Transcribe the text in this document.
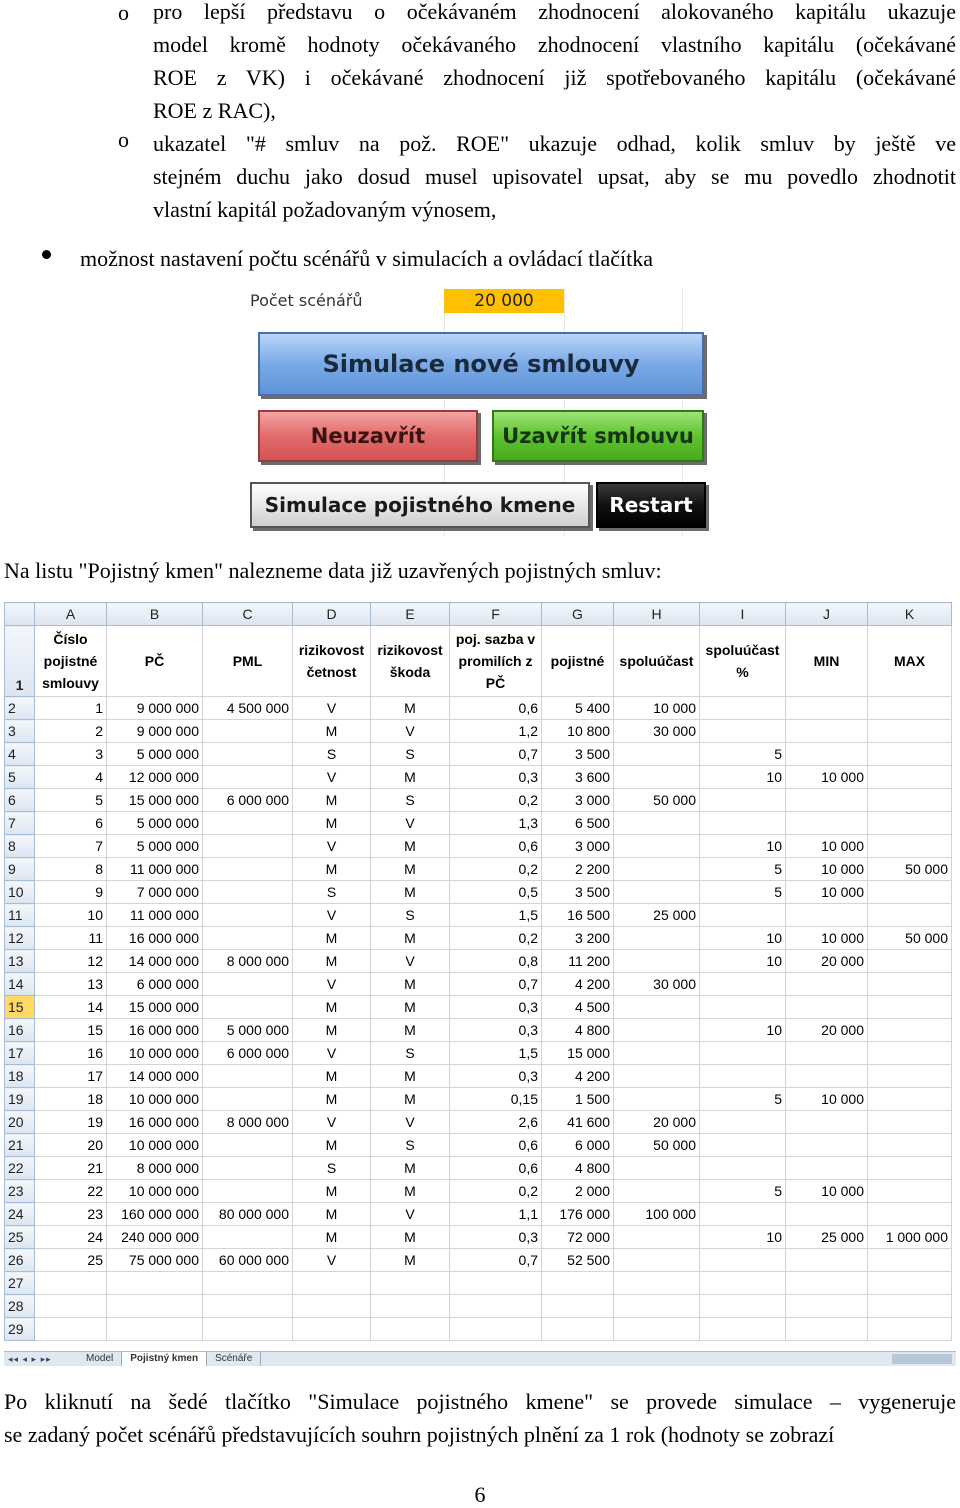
o pro lepší představu o očekávaném zhodnocení alokovaného kapitálu ukazuje
model kromě hodnoty očekávaného zhodnocení vlastního kapitálu (očekávané
ROE z VK) i očekávané zhodnocení již spotřebovaného kapitálu (očekávané
ROE z RAC),
o ukazatel "# smluv na pož. ROE" ukazuje odhad, kolik smluv by ještě ve
stejném duchu jako dosud musel upisovatel upsat, aby se mu povedlo zhodnotit
vlastní kapitál požadovaným výnosem,
možnost nastavení počtu scénářů v simulacích a ovládací tlačítka
Počet scénářů	20 000
Simulace nové smlouvy
Neuzavřít	Uzavřít smlouvu
Simulace pojistného kmene	Restart
Na listu "Pojistný kmen" nalezneme data již uzavřených pojistných smluv:
	A	B	C	D	E	F	G	H	I	J	K
1	Číslo pojistné smlouvy	PČ	PML	rizikovost četnost	rizikovost škoda	poj. sazba v promilích z PČ	pojistné	spoluúčast	spoluúčast %	MIN	MAX
2	1	9 000 000	4 500 000	V	M	0,6	5 400	10 000			
3	2	9 000 000		M	V	1,2	10 800	30 000			
4	3	5 000 000		S	S	0,7	3 500		5		
5	4	12 000 000		V	M	0,3	3 600		10	10 000	
6	5	15 000 000	6 000 000	M	S	0,2	3 000	50 000			
7	6	5 000 000		M	V	1,3	6 500				
8	7	5 000 000		V	M	0,6	3 000		10	10 000	
9	8	11 000 000		M	M	0,2	2 200		5	10 000	50 000
10	9	7 000 000		S	M	0,5	3 500		5	10 000	
11	10	11 000 000		V	S	1,5	16 500	25 000			
12	11	16 000 000		M	M	0,2	3 200		10	10 000	50 000
13	12	14 000 000	8 000 000	M	V	0,8	11 200		10	20 000	
14	13	6 000 000		V	M	0,7	4 200	30 000			
15	14	15 000 000		M	M	0,3	4 500				
16	15	16 000 000	5 000 000	M	M	0,3	4 800		10	20 000	
17	16	10 000 000	6 000 000	V	S	1,5	15 000				
18	17	14 000 000		M	M	0,3	4 200				
19	18	10 000 000		M	M	0,15	1 500		5	10 000	
20	19	16 000 000	8 000 000	V	V	2,6	41 600	20 000			
21	20	10 000 000		M	S	0,6	6 000	50 000			
22	21	8 000 000		S	M	0,6	4 800				
23	22	10 000 000		M	M	0,2	2 000		5	10 000	
24	23	160 000 000	80 000 000	M	V	1,1	176 000	100 000			
25	24	240 000 000		M	M	0,3	72 000		10	25 000	1 000 000
26	25	75 000 000	60 000 000	V	M	0,7	52 500				
27											
28											
29											
◂◂ ◂ ▸ ▸▸	Model	Pojistný kmen	Scénáře
Po kliknutí na šedé tlačítko "Simulace pojistného kmene" se provede simulace – vygeneruje
se zadaný počet scénářů představujících souhrn pojistných plnění za 1 rok (hodnoty se zobrazí
6
